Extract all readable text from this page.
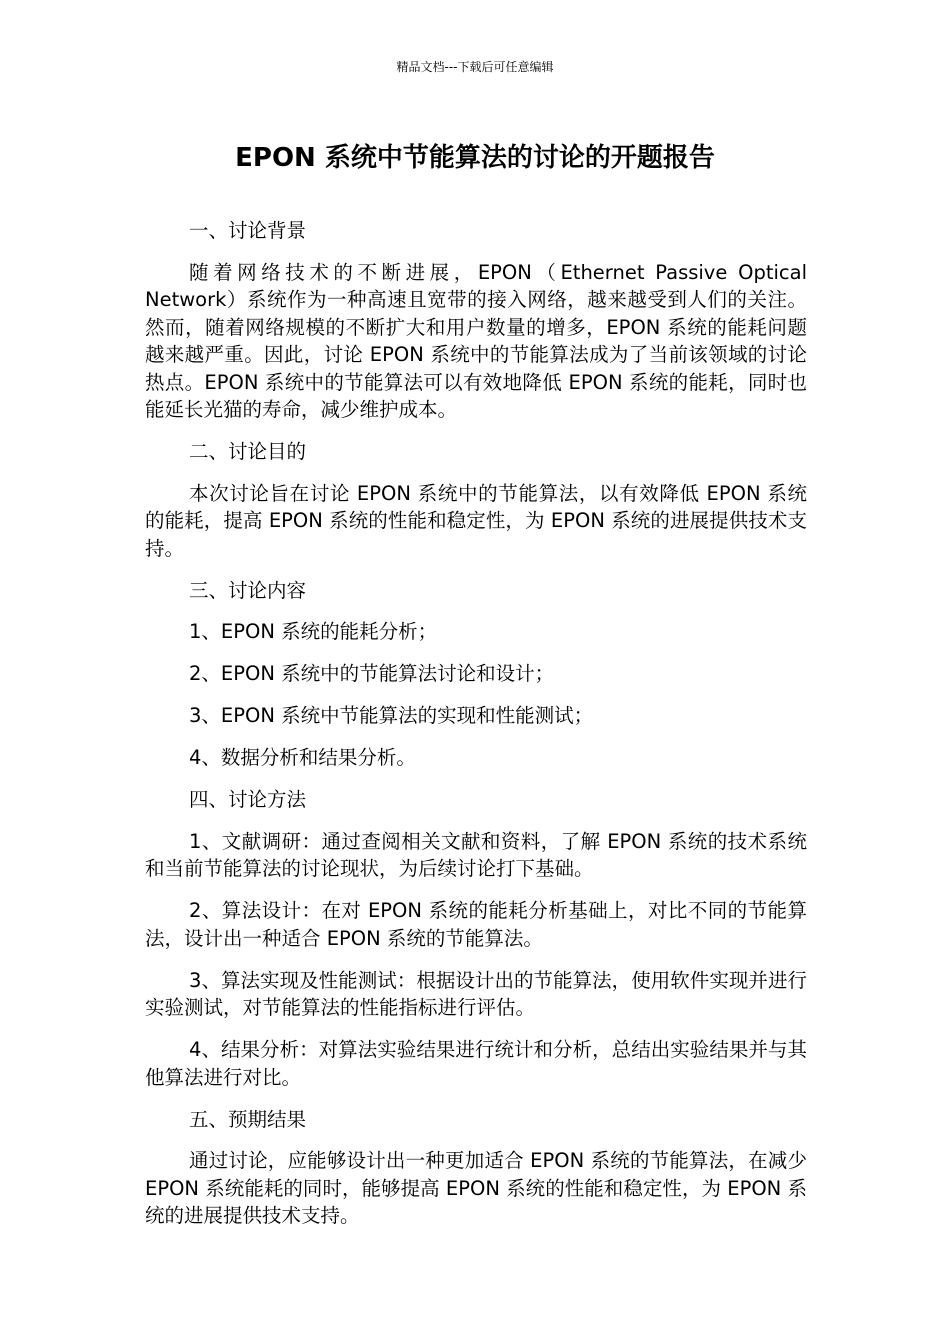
精品文档---下载后可任意编辑
EPON 系统中节能算法的讨论的开题报告

一、讨论背景

随着网络技术的不断进展，EPON（Ethernet Passive Optical Network）系统作为一种高速且宽带的接入网络，越来越受到人们的关注。然而，随着网络规模的不断扩大和用户数量的增多，EPON 系统的能耗问题越来越严重。因此，讨论 EPON 系统中的节能算法成为了当前该领域的讨论热点。EPON 系统中的节能算法可以有效地降低 EPON 系统的能耗，同时也能延长光猫的寿命，减少维护成本。

二、讨论目的

本次讨论旨在讨论 EPON 系统中的节能算法，以有效降低 EPON 系统的能耗，提高 EPON 系统的性能和稳定性，为 EPON 系统的进展提供技术支持。

三、讨论内容

1、EPON 系统的能耗分析；

2、EPON 系统中的节能算法讨论和设计；

3、EPON 系统中节能算法的实现和性能测试；

4、数据分析和结果分析。

四、讨论方法

1、文献调研：通过查阅相关文献和资料，了解 EPON 系统的技术系统和当前节能算法的讨论现状，为后续讨论打下基础。

2、算法设计：在对 EPON 系统的能耗分析基础上，对比不同的节能算法，设计出一种适合 EPON 系统的节能算法。

3、算法实现及性能测试：根据设计出的节能算法，使用软件实现并进行实验测试，对节能算法的性能指标进行评估。

4、结果分析：对算法实验结果进行统计和分析，总结出实验结果并与其他算法进行对比。

五、预期结果

通过讨论，应能够设计出一种更加适合 EPON 系统的节能算法，在减少 EPON 系统能耗的同时，能够提高 EPON 系统的性能和稳定性，为 EPON 系统的进展提供技术支持。
